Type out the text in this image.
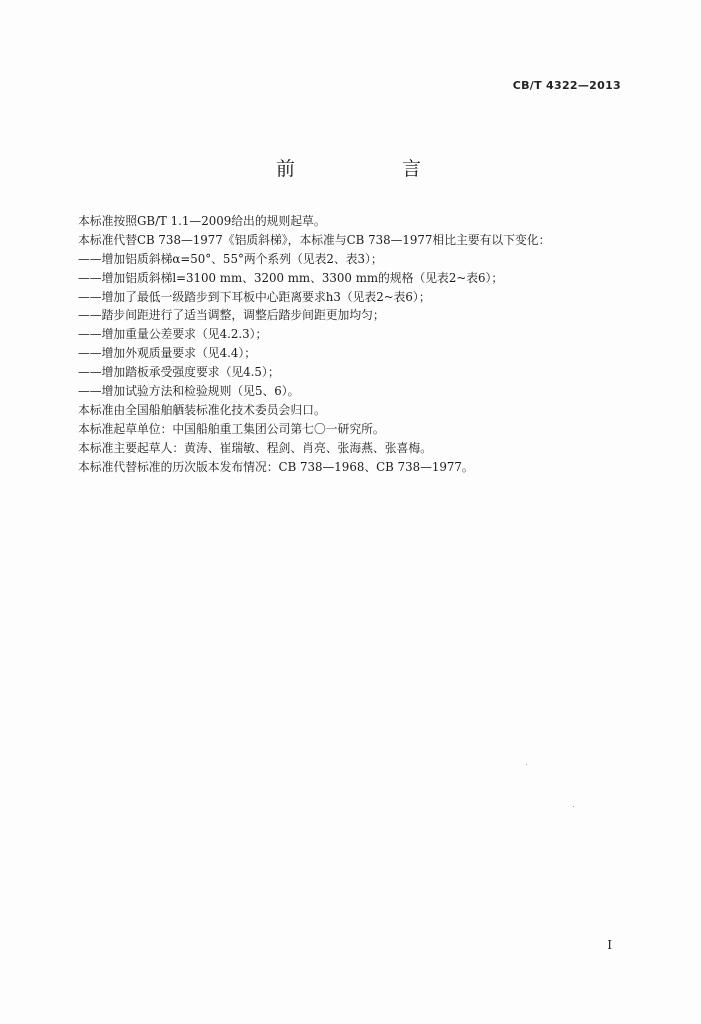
CB/T 4322—2013
前　言
本标准按照GB/T 1.1—2009给出的规则起草。
本标准代替CB 738—1977《铝质斜梯》，本标准与CB 738—1977相比主要有以下变化：
——增加铝质斜梯α=50°、55°两个系列（见表2、表3）；
——增加铝质斜梯l=3100 mm、3200 mm、3300 mm的规格（见表2~表6）；
——增加了最低一级踏步到下耳板中心距离要求h3（见表2~表6）；
——踏步间距进行了适当调整，调整后踏步间距更加均匀；
——增加重量公差要求（见4.2.3）；
——增加外观质量要求（见4.4）；
——增加踏板承受强度要求（见4.5）；
——增加试验方法和检验规则（见5、6）。
本标准由全国船舶舾装标准化技术委员会归口。
本标准起草单位：中国船舶重工集团公司第七〇一研究所。
本标准主要起草人：黄涛、崔瑞敏、程剑、肖亮、张海燕、张喜梅。
本标准代替标准的历次版本发布情况：CB 738—1968、CB 738—1977。
I
